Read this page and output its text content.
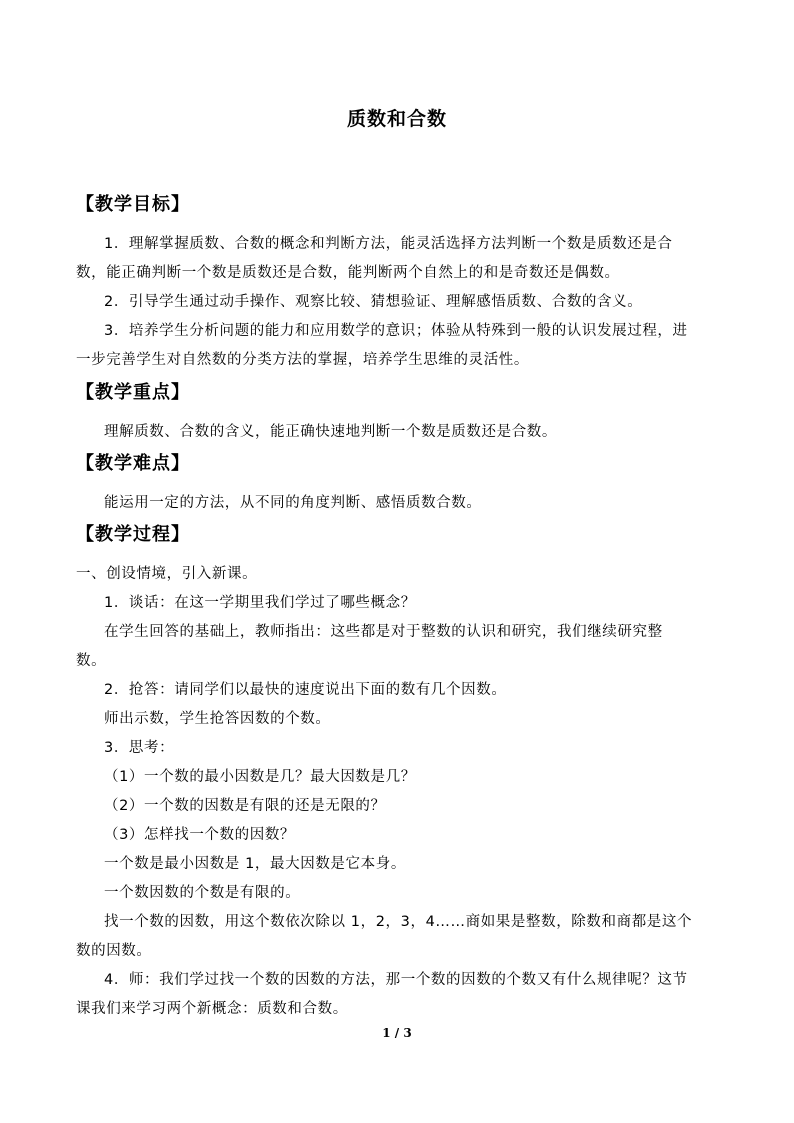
质数和合数
【教学目标】
1．理解掌握质数、合数的概念和判断方法，能灵活选择方法判断一个数是质数还是合
数，能正确判断一个数是质数还是合数，能判断两个自然上的和是奇数还是偶数。
2．引导学生通过动手操作、观察比较、猜想验证、理解感悟质数、合数的含义。
3．培养学生分析问题的能力和应用数学的意识；体验从特殊到一般的认识发展过程，进
一步完善学生对自然数的分类方法的掌握，培养学生思维的灵活性。
【教学重点】
理解质数、合数的含义，能正确快速地判断一个数是质数还是合数。
【教学难点】
能运用一定的方法，从不同的角度判断、感悟质数合数。
【教学过程】
一、创设情境，引入新课。
1．谈话：在这一学期里我们学过了哪些概念？
在学生回答的基础上，教师指出：这些都是对于整数的认识和研究，我们继续研究整
数。
2．抢答：请同学们以最快的速度说出下面的数有几个因数。
师出示数，学生抢答因数的个数。
3．思考：
（1）一个数的最小因数是几？最大因数是几？
（2）一个数的因数是有限的还是无限的？
（3）怎样找一个数的因数？
一个数是最小因数是 1，最大因数是它本身。
一个数因数的个数是有限的。
找一个数的因数，用这个数依次除以 1，2，3，4……商如果是整数，除数和商都是这个
数的因数。
4．师：我们学过找一个数的因数的方法，那一个数的因数的个数又有什么规律呢？这节
课我们来学习两个新概念：质数和合数。
1 / 3
